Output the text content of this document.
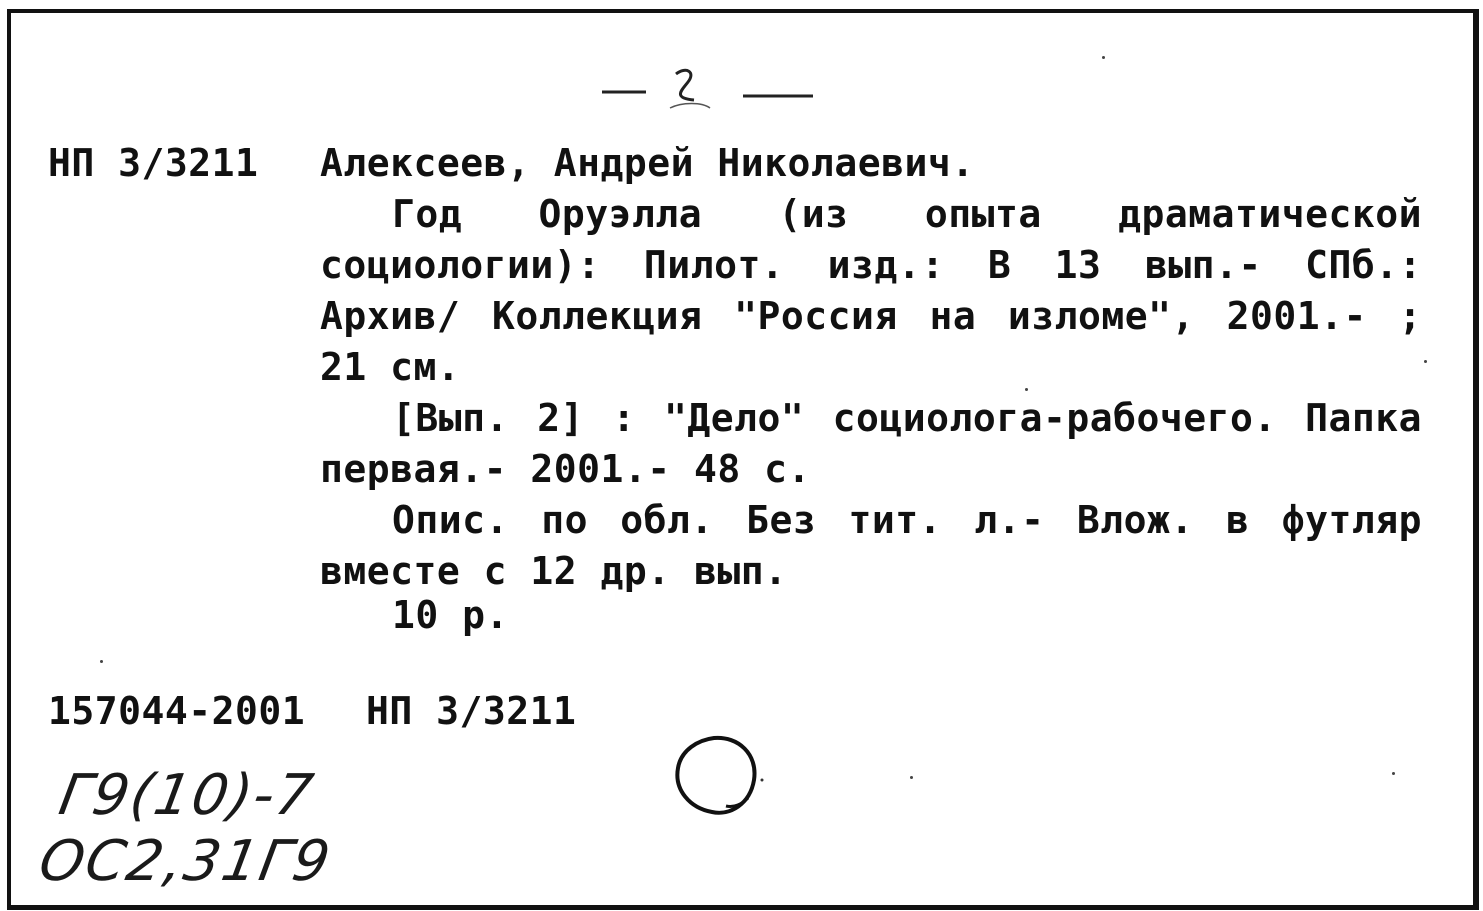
НП 3/3211 Алексеев, Андрей Николаевич.
Год Оруэлла (из опыта драматической социологии): Пилот. изд.: В 13 вып.- СПб.: Архив/ Коллекция "Россия на изломе", 2001.- ; 21 см.
[Вып. 2] : "Дело" социолога-рабочего. Папка первая.- 2001.- 48 с.
Опис. по обл. Без тит. л.- Влож. в футляр вместе с 12 др. вып.
10 р.
157044-2001 НП 3/3211
Г9(10)-7
ОС2,31Г9
